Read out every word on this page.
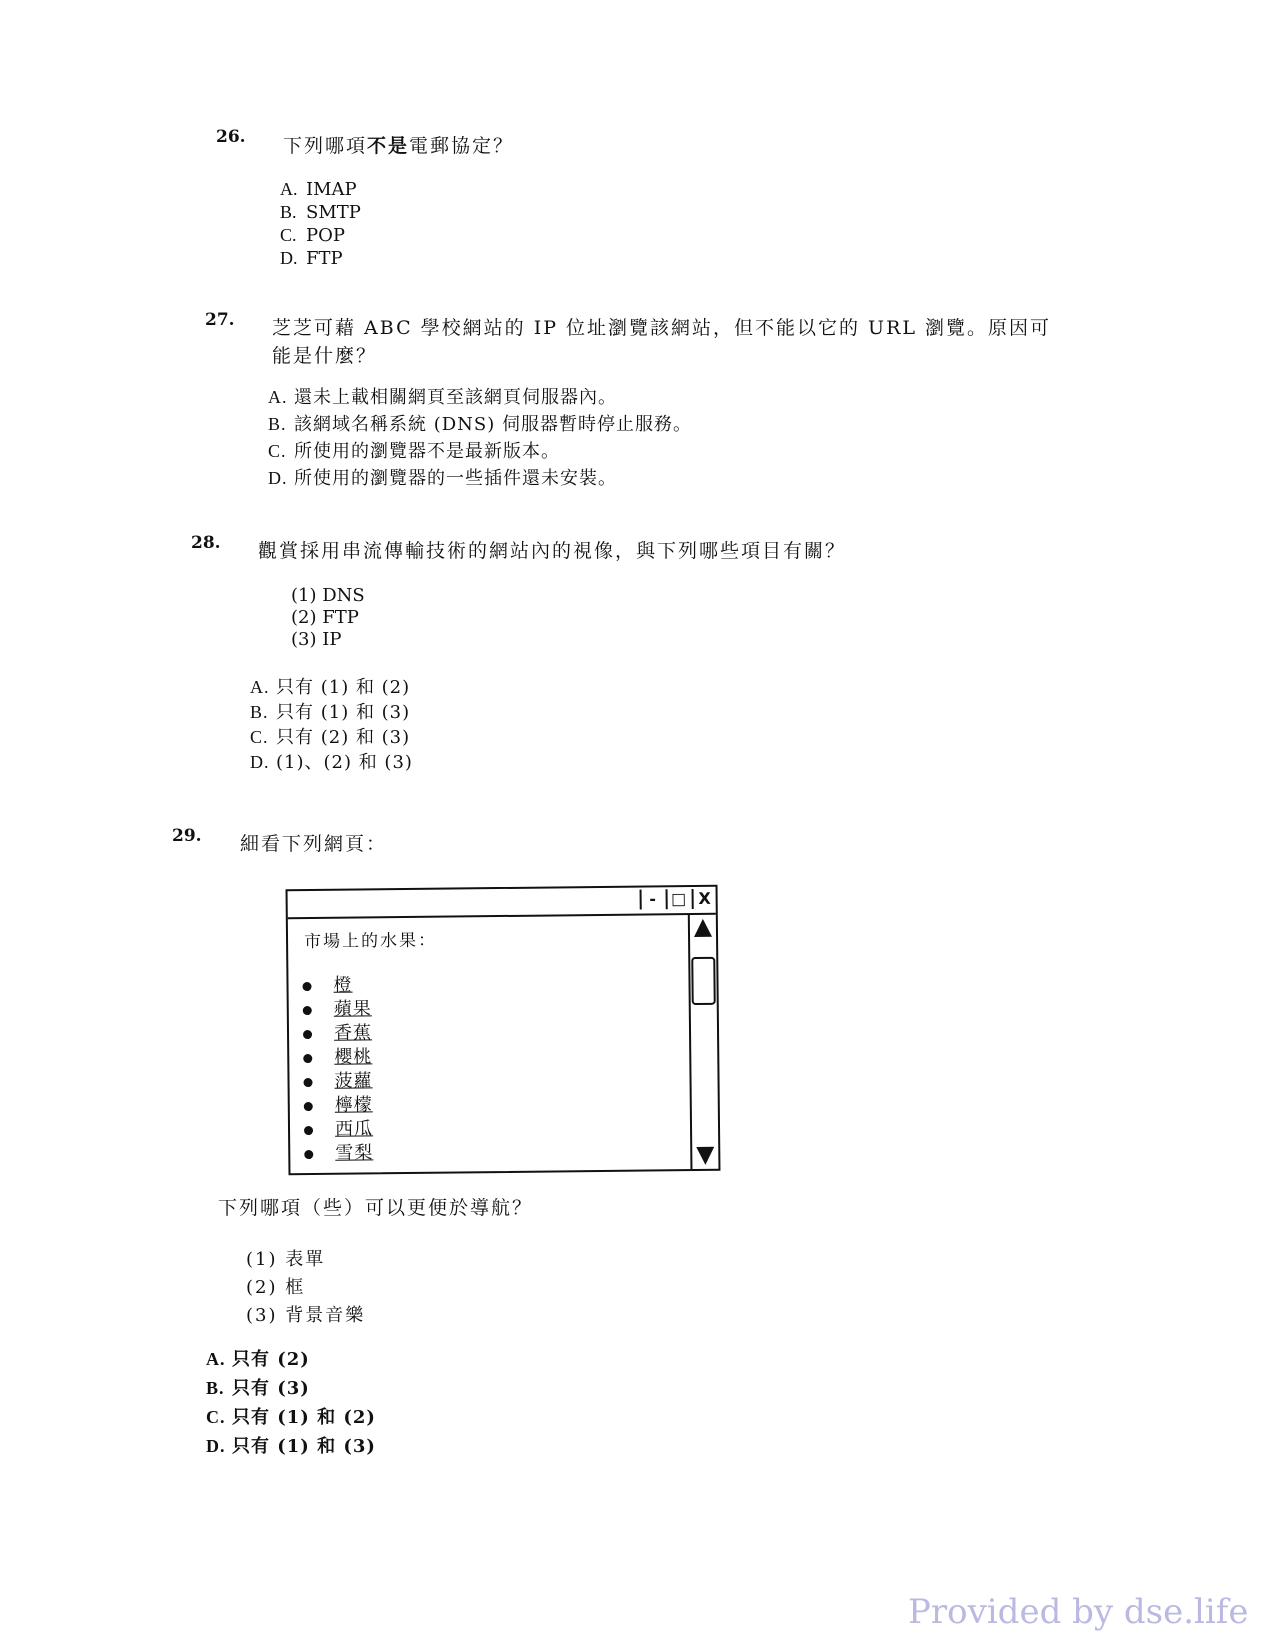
26. 下列哪項不是電郵協定？
A. IMAP
B. SMTP
C. POP
D. FTP
27. 芝芝可藉 ABC 學校網站的 IP 位址瀏覽該網站，但不能以它的 URL 瀏覽。原因可
能是什麼？
A. 還未上載相關網頁至該網頁伺服器內。
B. 該網域名稱系統 (DNS) 伺服器暫時停止服務。
C. 所使用的瀏覽器不是最新版本。
D. 所使用的瀏覽器的一些插件還未安裝。
28. 觀賞採用串流傳輸技術的網站內的視像，與下列哪些項目有關？
(1) DNS
(2) FTP
(3) IP
A. 只有 (1) 和 (2)
B. 只有 (1) 和 (3)
C. 只有 (2) 和 (3)
D. (1)、(2) 和 (3)
29. 細看下列網頁：
- □ X
市場上的水果：
橙
蘋果
香蕉
櫻桃
菠蘿
檸檬
西瓜
雪梨
下列哪項（些）可以更便於導航？
(1) 表單
(2) 框
(3) 背景音樂
A. 只有 (2)
B. 只有 (3)
C. 只有 (1) 和 (2)
D. 只有 (1) 和 (3)
Provided by dse.life
